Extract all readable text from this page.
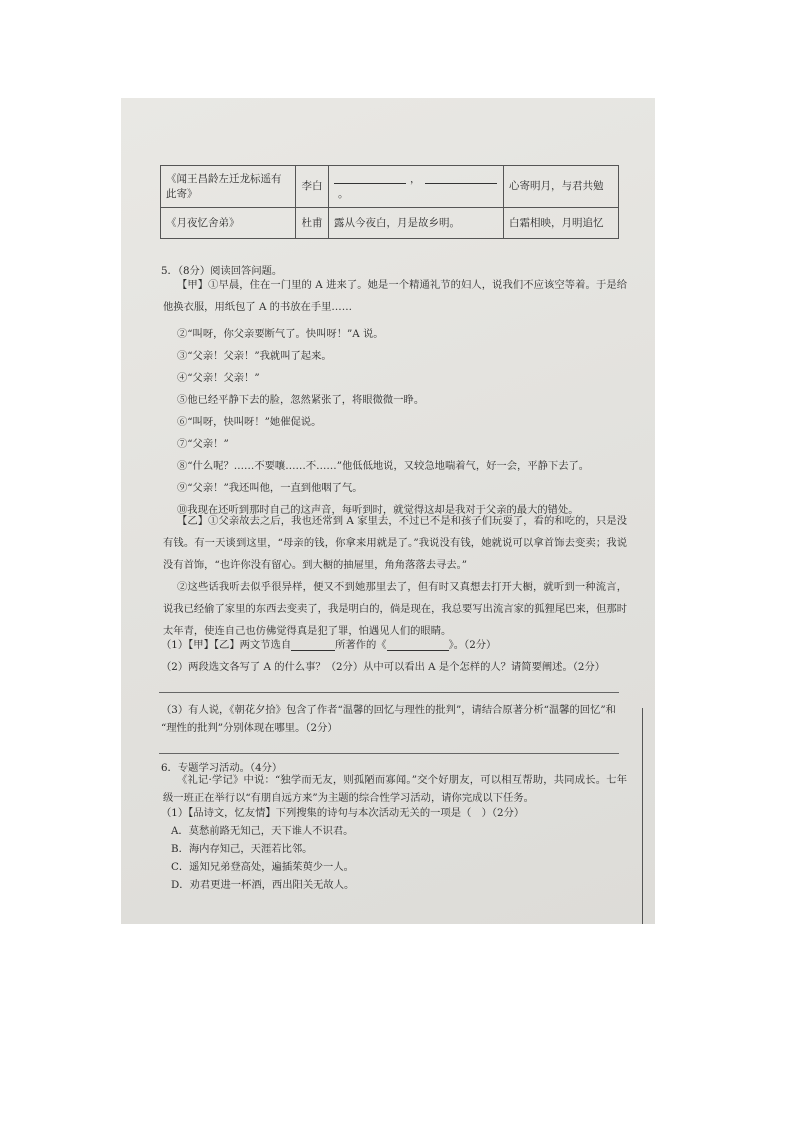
《闻王昌龄左迁龙标遥有此寄》	李白	，。	心寄明月，与君共勉
《月夜忆舍弟》	杜甫	露从今夜白，月是故乡明。	白霜相映，月明追忆
5．（8分）阅读回答问题。
【甲】①早晨，住在一门里的 A 进来了。她是一个精通礼节的妇人，说我们不应该空等着。于是给他换衣服，用纸包了 A 的书放在手里……
②“叫呀，你父亲要断气了。快叫呀！”A 说。
③“父亲！父亲！”我就叫了起来。
④“父亲！父亲！”
⑤他已经平静下去的脸，忽然紧张了，将眼微微一睁。
⑥“叫呀，快叫呀！”她催促说。
⑦“父亲！”
⑧“什么呢？……不要嚷……不……”他低低地说，又较急地喘着气，好一会，平静下去了。
⑨“父亲！”我还叫他，一直到他咽了气。
⑩我现在还听到那时自己的这声音，每听到时，就觉得这却是我对于父亲的最大的错处。
【乙】①父亲故去之后，我也还常到 A 家里去，不过已不是和孩子们玩耍了，看的和吃的，只是没有钱。有一天谈到这里，“母亲的钱，你拿来用就是了。”我说没有钱，她就说可以拿首饰去变卖；我说没有首饰，“也许你没有留心。到大橱的抽屉里，角角落落去寻去。”
②这些话我听去似乎很异样，便又不到她那里去了，但有时又真想去打开大橱，就听到一种流言，说我已经偷了家里的东西去变卖了，我是明白的，倘是现在，我总要写出流言家的狐狸尾巴来，但那时太年青，使连自己也仿佛觉得真是犯了罪，怕遇见人们的眼睛。
（1）【甲】【乙】两文节选自	所著作的《	》。（2分）
（2）两段选文各写了 A 的什么事？（2分）从中可以看出 A 是个怎样的人？请简要阐述。（2分）
（3）有人说，《朝花夕拾》包含了作者“温馨的回忆与理性的批判”，请结合原著分析“温馨的回忆”和
“理性的批判”分别体现在哪里。（2分）
6．专题学习活动。（4分）
《礼记·学记》中说：“独学而无友，则孤陋而寡闻。”交个好朋友，可以相互帮助，共同成长。七年级一班正在举行以“有朋自远方来”为主题的综合性学习活动，请你完成以下任务。
（1）【品诗文，忆友情】下列搜集的诗句与本次活动无关的一项是（　）（2分）
A．莫愁前路无知己，天下谁人不识君。
B．海内存知己，天涯若比邻。
C．遥知兄弟登高处，遍插茱萸少一人。
D．劝君更进一杯酒，西出阳关无故人。
